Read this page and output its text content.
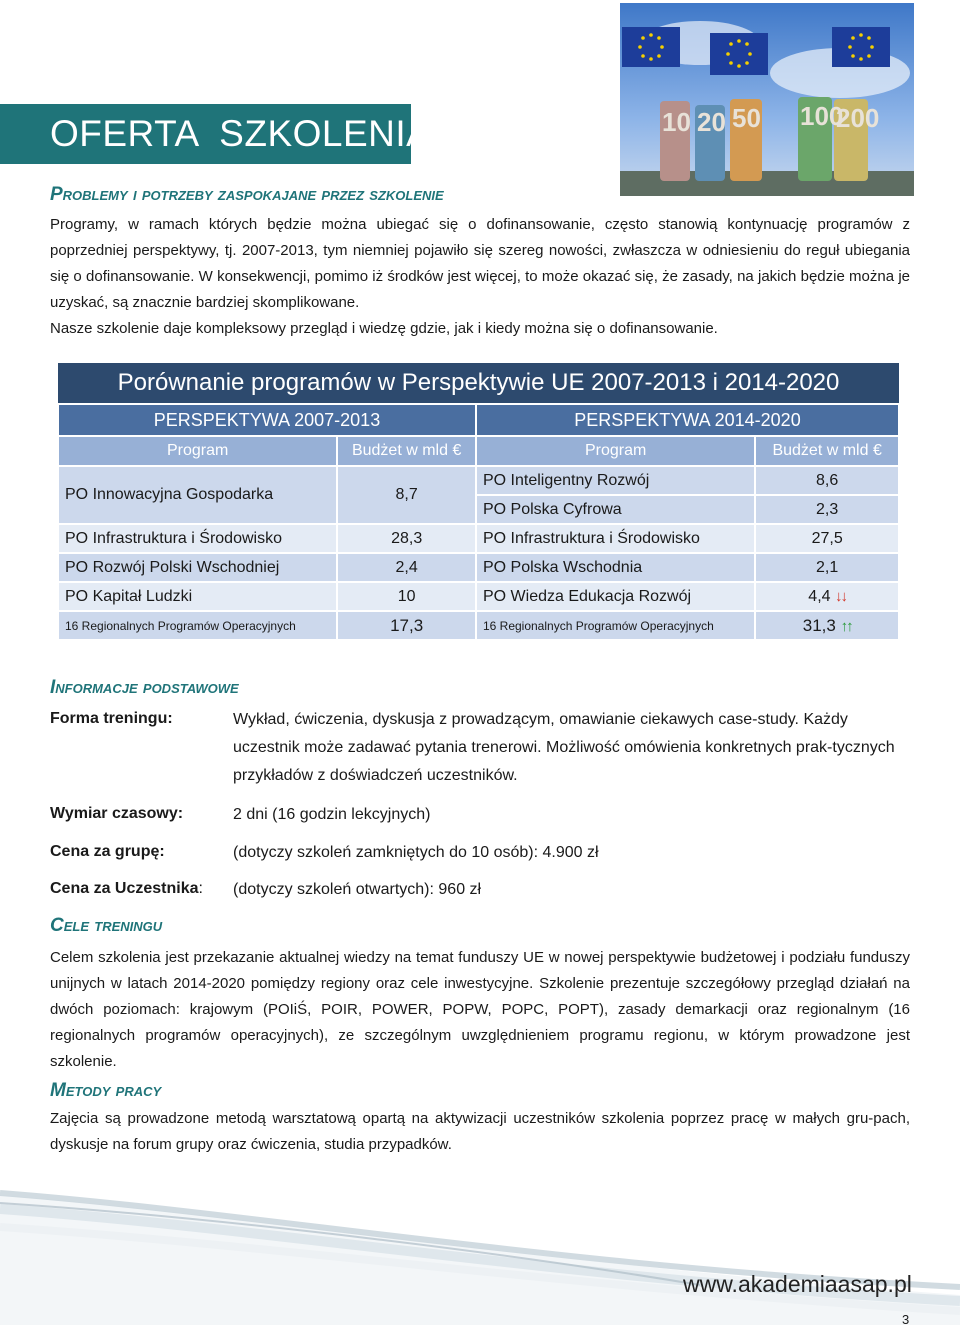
OFERTA  SZKOLENIA	10 20 50 100
200
Problemy i potrzeby zaspokajane przez szkolenie

Programy, w ramach których będzie można ubiegać się o dofinansowanie, często stanowią kontynuację programów z poprzedniej perspektywy, tj. 2007-2013, tym niemniej pojawiło się szereg nowości, zwłaszcza w odniesieniu do reguł ubiegania się o dofinansowanie. W konsekwencji, pomimo iż środków jest więcej, to może okazać się, że zasady, na jakich będzie można je uzyskać, są znacznie bardziej skomplikowane.

Nasze szkolenie daje kompleksowy przegląd i wiedzę gdzie, jak i kiedy można się o dofinansowanie.

Porównanie programów w Perspektywie UE 2007-2013 i 2014-2020
PERSPEKTYWA 2007-2013		PERSPEKTYWA 2014-2020	
Program	Budżet w mld €	Program	Budżet w mld €
PO Innowacyjna Gospodarka	8,7	PO Inteligentny Rozwój	8,6
		PO Polska Cyfrowa	2,3
PO Infrastruktura i Środowisko	28,3	PO Infrastruktura i Środowisko	27,5
PO Rozwój Polski Wschodniej	2,4	PO Polska Wschodnia	2,1
PO Kapitał Ludzki	10	PO Wiedza Edukacja Rozwój	4,4 ↓↓
16 Regionalnych Programów Operacyjnych	17,3	16 Regionalnych Programów Operacyjnych	31,3 ↑↑
Informacje podstawowe

Forma treningu:	Wykład, ćwiczenia, dyskusja z prowadzącym, omawianie ciekawych case-study. Każdy uczestnik może zadawać pytania trenerowi. Możliwość omówienia konkretnych prak-tycznych przykładów z doświadczeń uczestników.

Wymiar czasowy:	2 dni (16 godzin lekcyjnych)

Cena za grupę:	(dotyczy szkoleń zamkniętych do 10 osób): 4.900 zł

Cena za Uczestnika: (dotyczy szkoleń otwartych): 960 zł

Cele treningu

Celem szkolenia jest przekazanie aktualnej wiedzy na temat funduszy UE w nowej perspektywie budżetowej i podziału funduszy unijnych w latach 2014-2020 pomiędzy regiony oraz cele inwestycyjne. Szkolenie prezentuje szczegółowy przegląd działań na dwóch poziomach: krajowym (POIiŚ, POIR, POWER, POPW, POPC, POPT), zasady demarkacji oraz regionalnym (16 regionalnych programów operacyjnych), ze szczególnym uwzględnieniem programu regionu, w którym prowadzone jest szkolenie.

Metody pracy

Zajęcia są prowadzone metodą warsztatową opartą na aktywizacji uczestników szkolenia poprzez pracę w małych gru-pach, dyskusje na forum grupy oraz ćwiczenia, studia przypadków.

www.akademiaasap.pl

3
